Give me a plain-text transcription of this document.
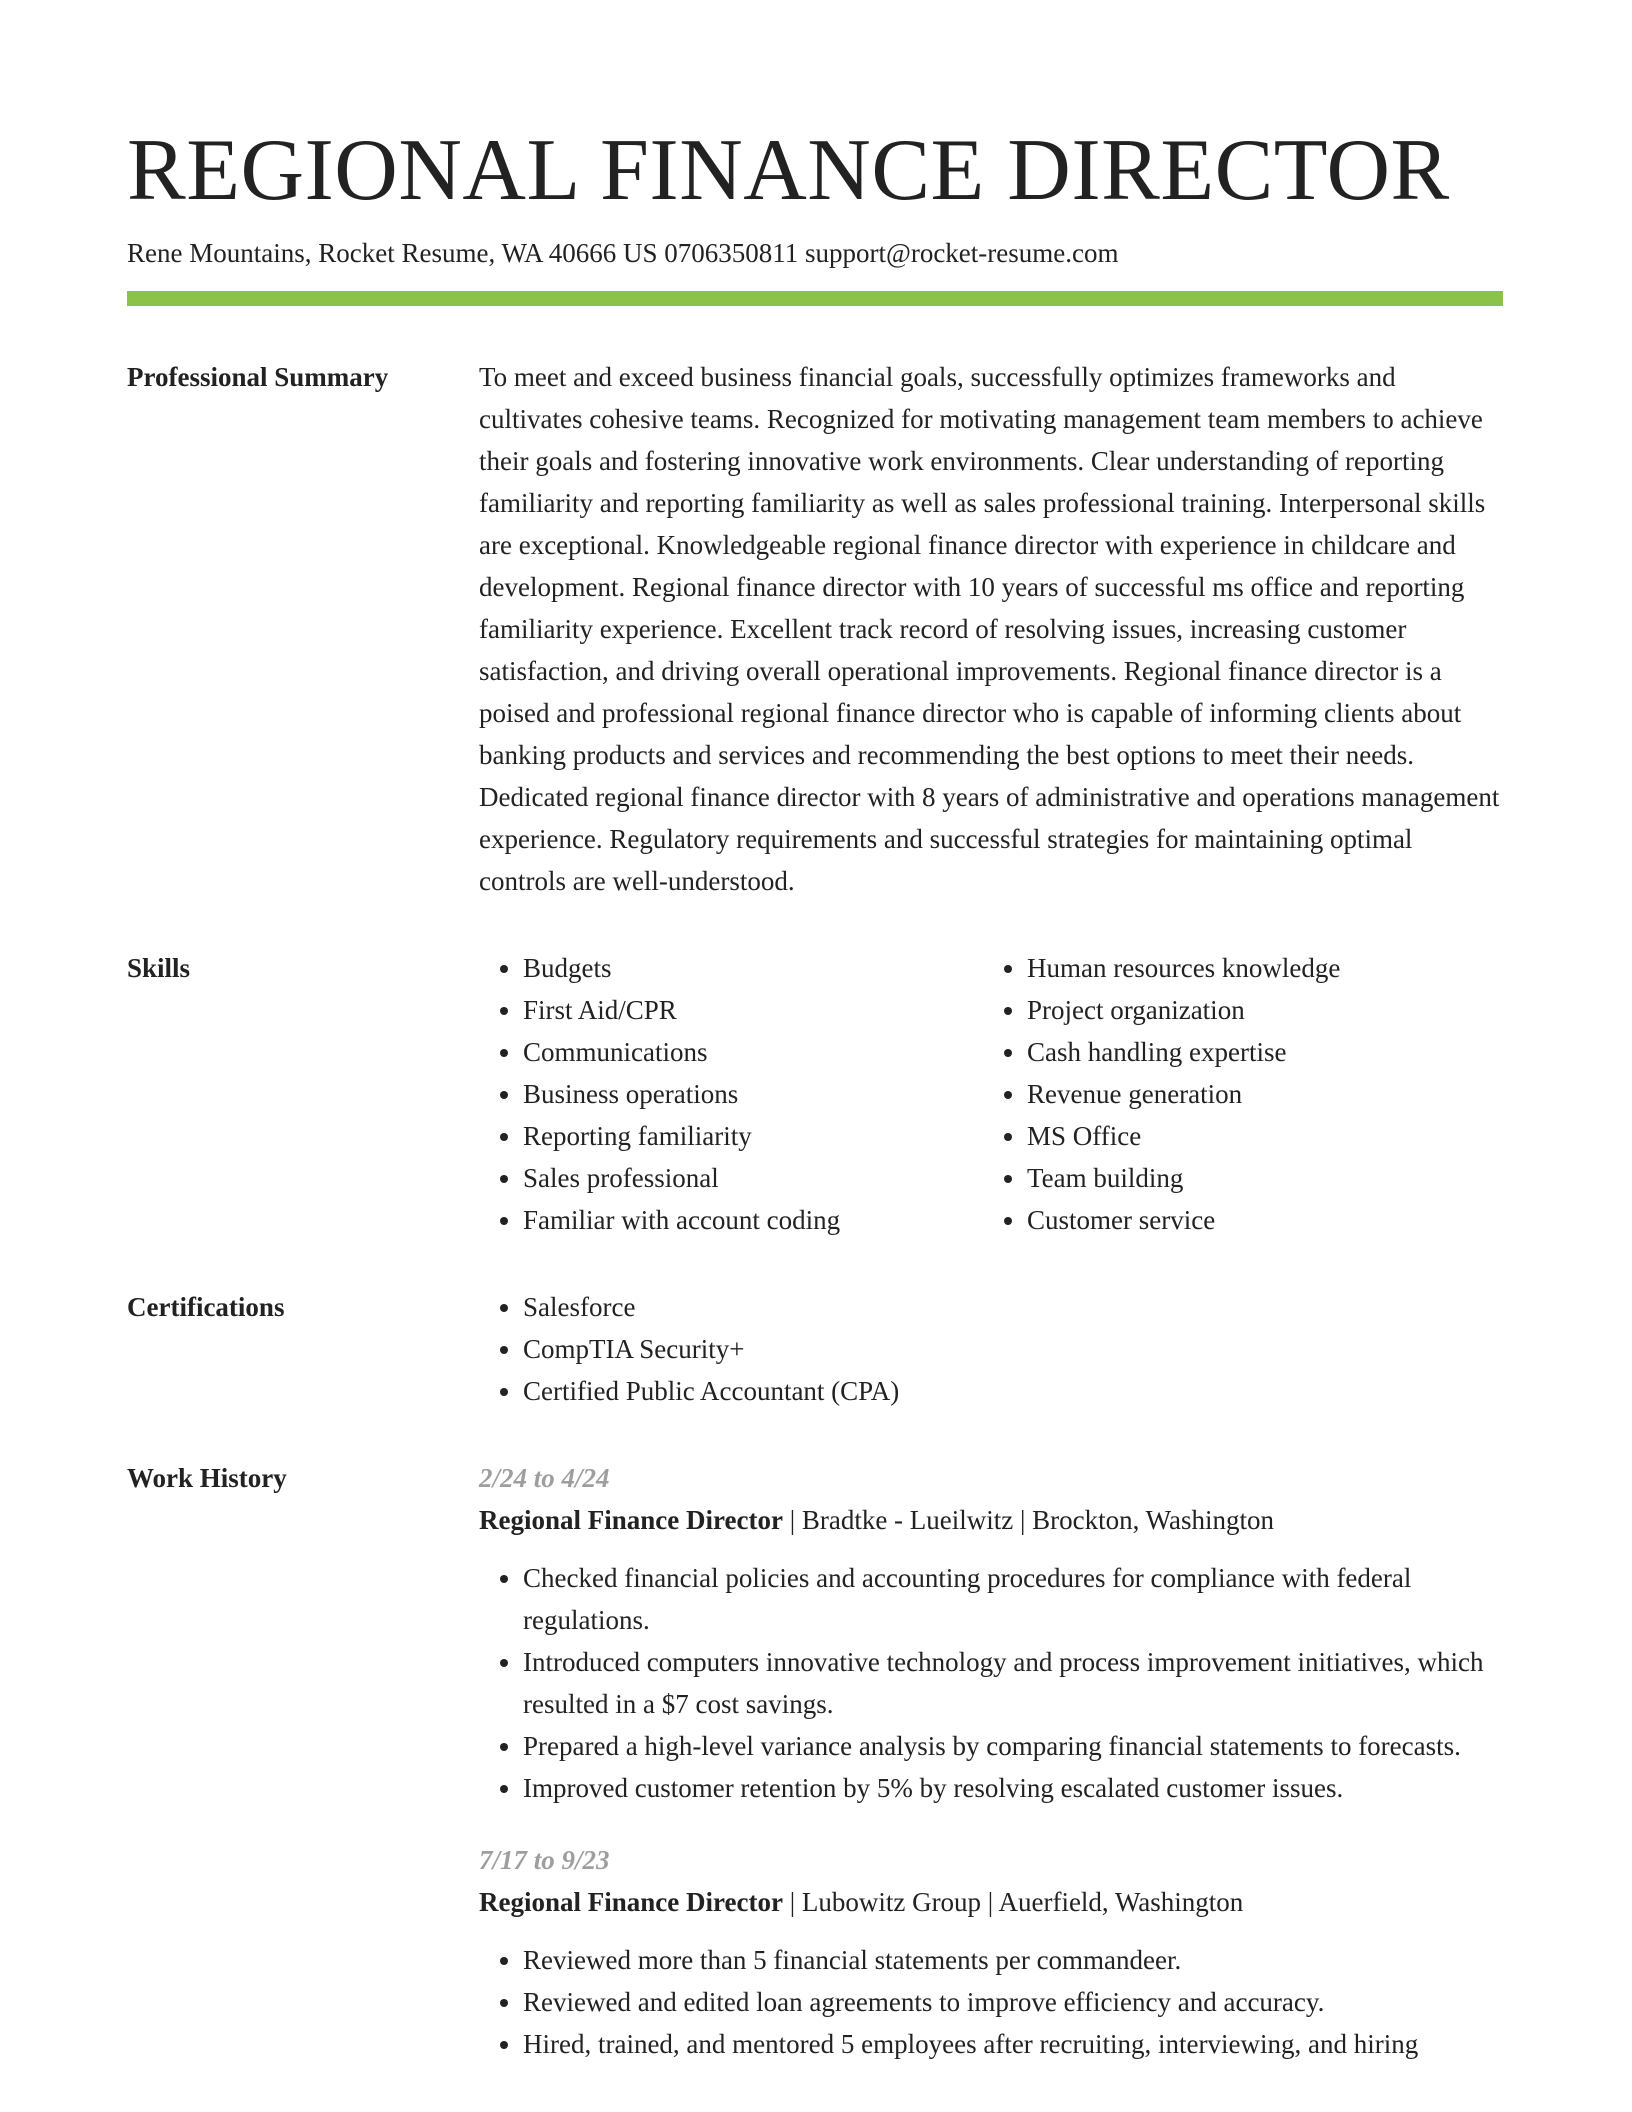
REGIONAL FINANCE DIRECTOR
Rene Mountains, Rocket Resume, WA 40666 US 0706350811 support@rocket-resume.com
Professional Summary	To meet and exceed business financial goals, successfully optimizes frameworks and cultivates cohesive teams. Recognized for motivating management team members to achieve their goals and fostering innovative work environments. Clear understanding of reporting familiarity and reporting familiarity as well as sales professional training. Interpersonal skills are exceptional. Knowledgeable regional finance director with experience in childcare and development. Regional finance director with 10 years of successful ms office and reporting familiarity experience. Excellent track record of resolving issues, increasing customer satisfaction, and driving overall operational improvements. Regional finance director is a poised and professional regional finance director who is capable of informing clients about banking products and services and recommending the best options to meet their needs. Dedicated regional finance director with 8 years of administrative and operations management experience. Regulatory requirements and successful strategies for maintaining optimal controls are well-understood.

Skills	• Budgets
• First Aid/CPR
• Communications
• Business operations
• Reporting familiarity
• Sales professional
• Familiar with account coding
• Human resources knowledge
• Project organization
• Cash handling expertise
• Revenue generation
• MS Office
• Team building
• Customer service
Certifications	• Salesforce
• CompTIA Security+
• Certified Public Accountant (CPA)
Work History	2/24 to 4/24
Regional Finance Director | Bradtke - Lueilwitz | Brockton, Washington
• Checked financial policies and accounting procedures for compliance with federal regulations.
• Introduced computers innovative technology and process improvement initiatives, which resulted in a $7 cost savings.
• Prepared a high-level variance analysis by comparing financial statements to forecasts.
• Improved customer retention by 5% by resolving escalated customer issues.
7/17 to 9/23
Regional Finance Director | Lubowitz Group | Auerfield, Washington
• Reviewed more than 5 financial statements per commandeer.
• Reviewed and edited loan agreements to improve efficiency and accuracy.
• Hired, trained, and mentored 5 employees after recruiting, interviewing, and hiring
